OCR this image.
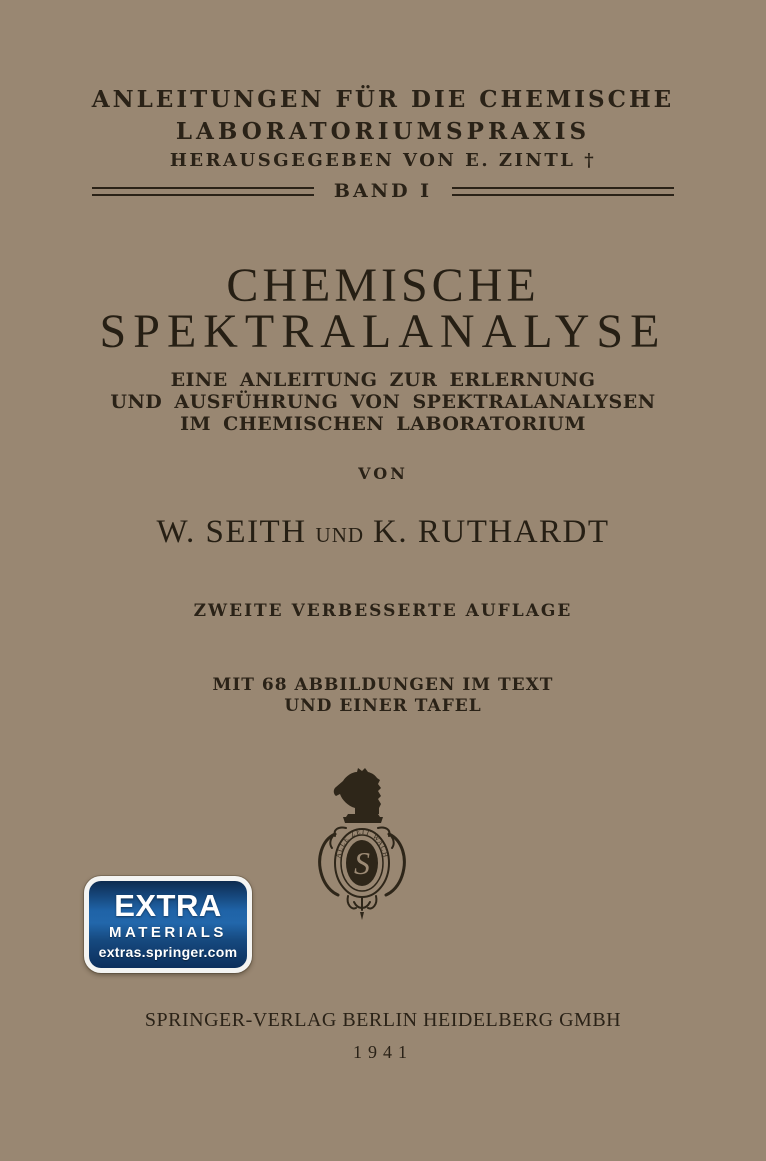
ANLEITUNGEN FÜR DIE CHEMISCHE
LABORATORIUMSPRAXIS
HERAUSGEGEBEN VON E. ZINTL †
BAND I
CHEMISCHE
SPEKTRALANALYSE
EINE ANLEITUNG ZUR ERLERNUNG
UND AUSFÜHRUNG VON SPEKTRALANALYSEN
IM CHEMISCHEN LABORATORIUM
VON
W. SEITH UND K. RUTHARDT
ZWEITE VERBESSERTE AUFLAGE
MIT 68 ABBILDUNGEN IM TEXT
UND EINER TAFEL
ALLE ZEIT WACH
S
EXTRA
MATERIALS
extras.springer.com
SPRINGER-VERLAG BERLIN HEIDELBERG GMBH
1941
